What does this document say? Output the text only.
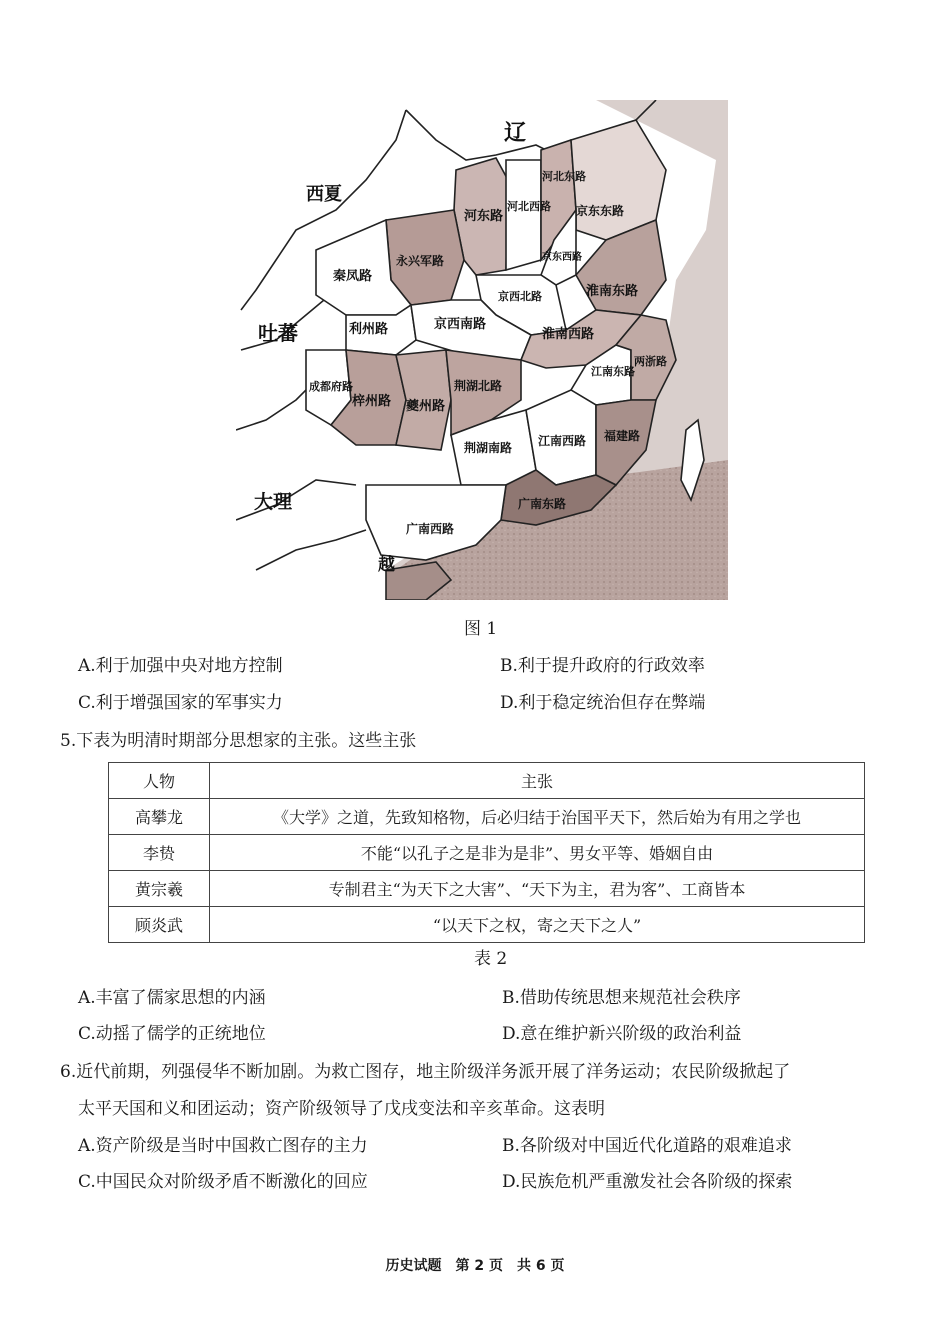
辽
西夏
吐蕃
大理
越
河东路
河北西路
河北东路
京东东路
京东西路
永兴军路
秦凤路
京西北路	淮南东路
利州路	京西南路
淮南西路
成都府路
梓州路 夔州路
荆湖北路
荆湖南路
江南东路
两浙路
江南西路 福建路
广南东路
广南西路
图 1
A.利于加强中央对地方控制	B.利于提升政府的行政效率
C.利于增强国家的军事实力	D.利于稳定统治但存在弊端
5.下表为明清时期部分思想家的主张。这些主张
人物	主张
高攀龙	《大学》之道，先致知格物，后必归结于治国平天下，然后始为有用之学也
李贽	不能“以孔子之是非为是非”、男女平等、婚姻自由
黄宗羲	专制君主“为天下之大害”、“天下为主，君为客”、工商皆本
顾炎武	“以天下之权，寄之天下之人”
表 2
A.丰富了儒家思想的内涵	B.借助传统思想来规范社会秩序
C.动摇了儒学的正统地位	D.意在维护新兴阶级的政治利益
6.近代前期，列强侵华不断加剧。为救亡图存，地主阶级洋务派开展了洋务运动；农民阶级掀起了
太平天国和义和团运动；资产阶级领导了戊戌变法和辛亥革命。这表明
A.资产阶级是当时中国救亡图存的主力	B.各阶级对中国近代化道路的艰难追求
C.中国民众对阶级矛盾不断激化的回应	D.民族危机严重激发社会各阶级的探索
历史试题　第 2 页　共 6 页
